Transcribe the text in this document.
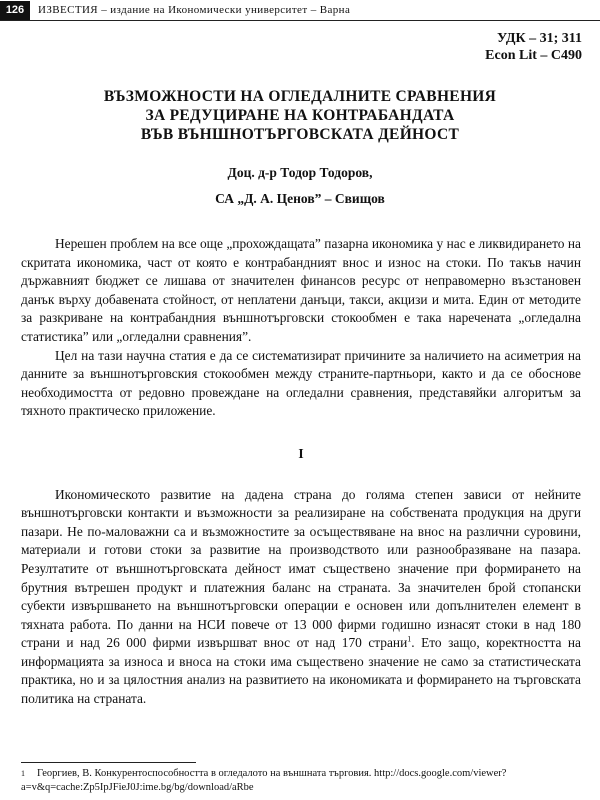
126	ИЗВЕСТИЯ – издание на Икономически университет – Варна
УДК – 31; 311
Econ Lit – C490
ВЪЗМОЖНОСТИ НА ОГЛЕДАЛНИТЕ СРАВНЕНИЯ
ЗА РЕДУЦИРАНЕ НА КОНТРАБАНДАТА
ВЪВ ВЪНШНОТЪРГОВСКАТА ДЕЙНОСТ
Доц. д-р Тодор Тодоров,
СА „Д. А. Ценов” – Свищов

Нерешен проблем на все още „прохождащата” пазарна икономика у нас е ликвидирането на скритата икономика, част от която е контрабандният внос и износ на стоки. По такъв начин държавният бюджет се лишава от значителен финансов ресурс от неправомерно възстановен данък върху добавената стойност, от неплатени данъци, такси, акцизи и мита. Един от методите за разкриване на контрабандния външнотърговски стокообмен е така наречената „огледална статистика” или „огледални сравнения”.

Цел на тази научна статия е да се систематизират причините за наличието на асиметрия на данните за външнотърговския стокообмен между страните-партньори, както и да се обоснове необходимостта от редовно провеждане на огледални сравнения, представяйки алгоритъм за тяхното практическо приложение.

I

Икономическото развитие на дадена страна до голяма степен зависи от нейните външнотърговски контакти и възможности за реализиране на собствената продукция на други пазари. Не по-маловажни са и възможностите за осъществяване на внос на различни суровини, материали и готови стоки за развитие на производството или разнообразяване на пазара. Резултатите от външнотърговската дейност имат съществено значение при формирането на брутния вътрешен продукт и платежния баланс на страната. За значителен брой стопански субекти извършването на външнотърговски операции е основен или допълнителен елемент в тяхната работа. По данни на НСИ повече от 13 000 фирми годишно изнасят стоки в над 180 страни и над 26 000 фирми извършват внос от над 170 страни$^1$. Ето защо, коректността на информацията за износа и вноса на стоки има съществено значение не само за статистическата практика, но и за цялостния анализ на развитието на икономиката и формирането на търговската политика на страната.

1 Георгиев, В. Конкурентоспособността в огледалото на външната търговия. http://docs.google.com/viewer?a=v&q=cache:Zp5IpJFieJ0J:ime.bg/bg/download/aRbe
